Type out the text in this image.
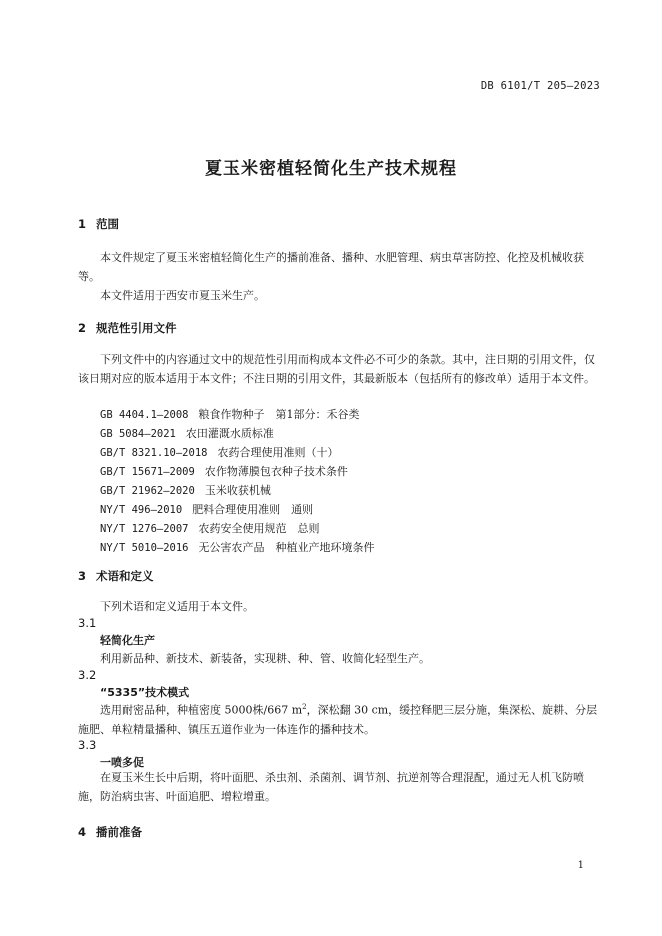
DB 6101/T 205—2023
夏玉米密植轻简化生产技术规程
1 范围
本文件规定了夏玉米密植轻简化生产的播前准备、播种、水肥管理、病虫草害防控、化控及机械收获等。
本文件适用于西安市夏玉米生产。
2 规范性引用文件
下列文件中的内容通过文中的规范性引用而构成本文件必不可少的条款。其中，注日期的引用文件，仅该日期对应的版本适用于本文件；不注日期的引用文件，其最新版本（包括所有的修改单）适用于本文件。
GB 4404.1—2008 粮食作物种子　第1部分：禾谷类
GB 5084—2021 农田灌溉水质标准
GB/T 8321.10—2018 农药合理使用准则（十）
GB/T 15671—2009 农作物薄膜包衣种子技术条件
GB/T 21962—2020 玉米收获机械
NY/T 496—2010 肥料合理使用准则　通则
NY/T 1276—2007 农药安全使用规范　总则
NY/T 5010—2016 无公害农产品　种植业产地环境条件
3 术语和定义
下列术语和定义适用于本文件。
3.1
轻简化生产
利用新品种、新技术、新装备，实现耕、种、管、收简化轻型生产。
3.2
“5335”技术模式
选用耐密品种，种植密度 5000株/667 $m^2$，深松翻 30 cm，缓控释肥三层分施，集深松、旋耕、分层施肥、单粒精量播种、镇压五道作业为一体连作的播种技术。
3.3
一喷多促
在夏玉米生长中后期，将叶面肥、杀虫剂、杀菌剂、调节剂、抗逆剂等合理混配，通过无人机飞防喷施，防治病虫害、叶面追肥、增粒增重。
4 播前准备
1
